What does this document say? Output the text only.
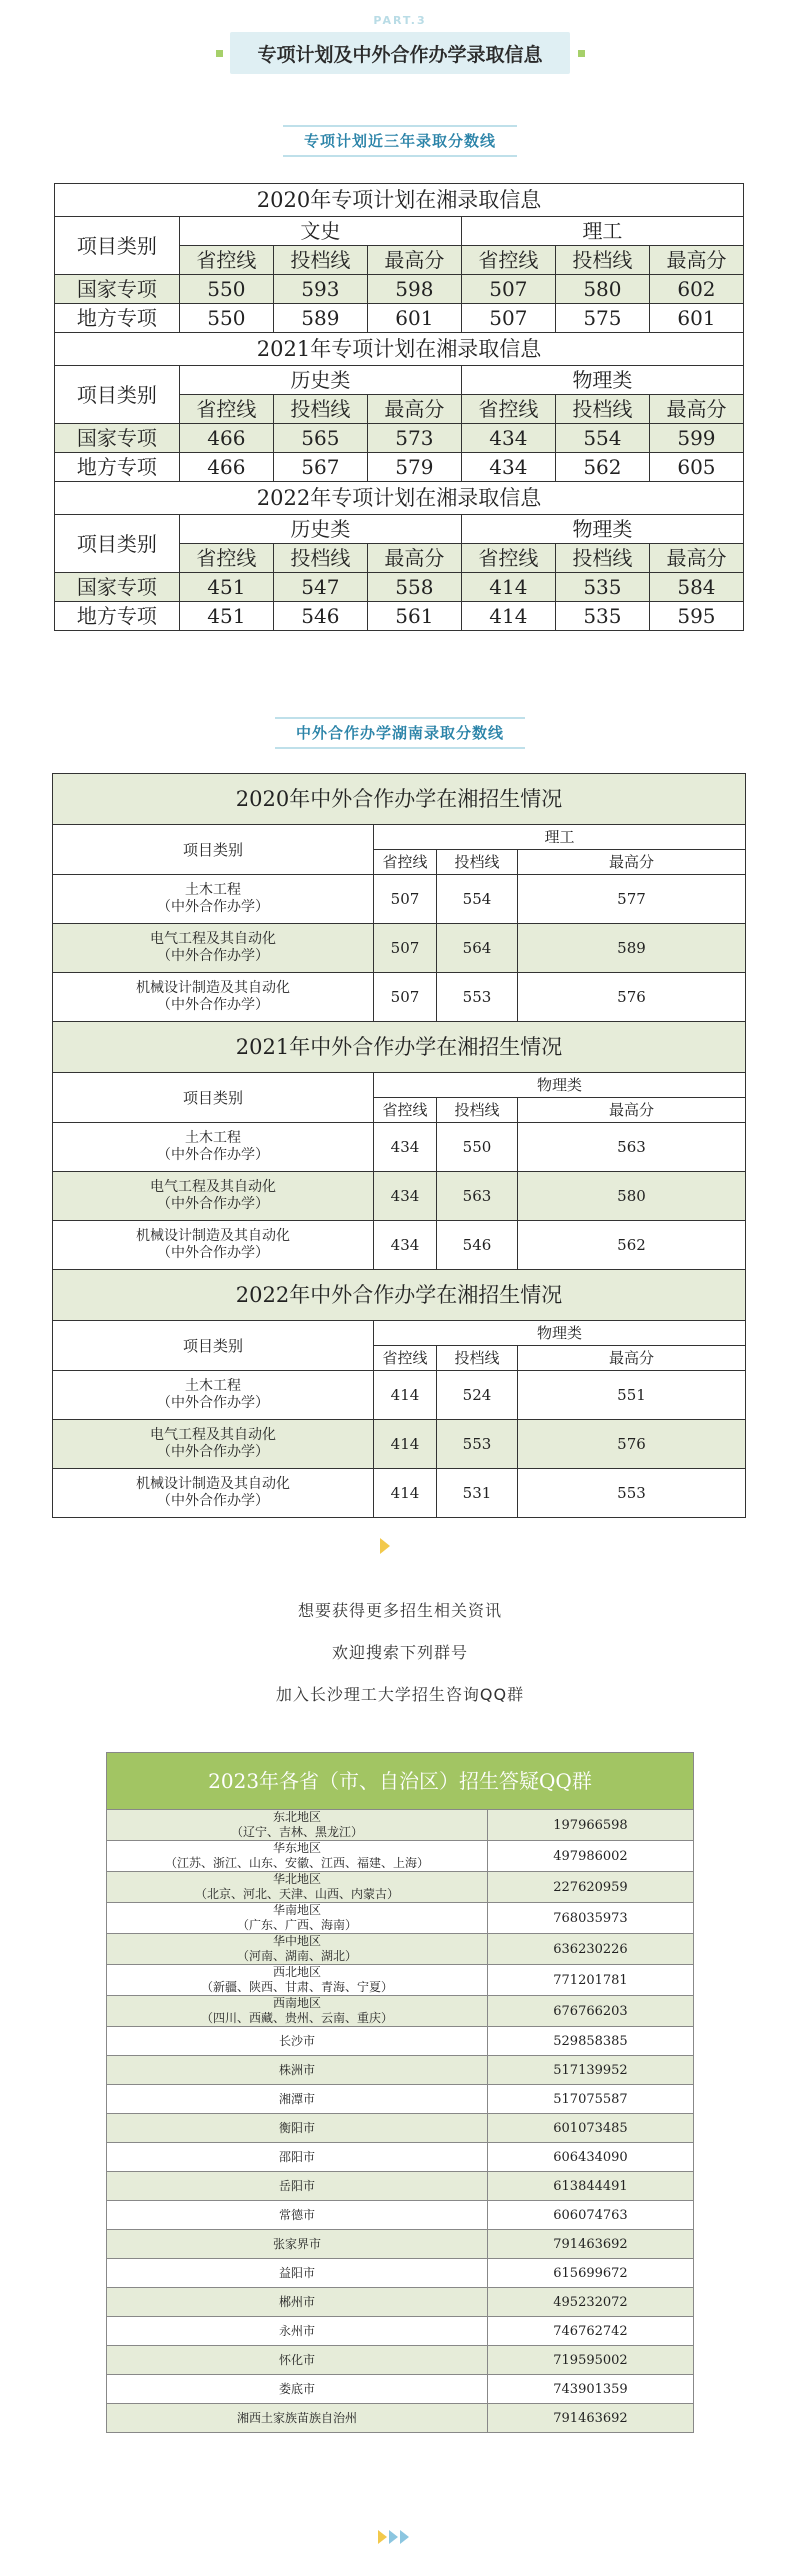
PART.3
专项计划及中外合作办学录取信息
专项计划近三年录取分数线
2020年专项计划在湘录取信息						
项目类别	文史			理工		
	省控线	投档线	最高分	省控线	投档线	最高分
国家专项	550	593	598	507	580	602
地方专项	550	589	601	507	575	601
2021年专项计划在湘录取信息						
项目类别	历史类			物理类		
	省控线	投档线	最高分	省控线	投档线	最高分
国家专项	466	565	573	434	554	599
地方专项	466	567	579	434	562	605
2022年专项计划在湘录取信息						
项目类别	历史类			物理类		
	省控线	投档线	最高分	省控线	投档线	最高分
国家专项	451	547	558	414	535	584
地方专项	451	546	561	414	535	595
中外合作办学湖南录取分数线
2020年中外合作办学在湘招生情况			
项目类别	理工		
	省控线	投档线	最高分

土木工程
（中外合作办学）	507	554	577

电气工程及其自动化
（中外合作办学）	507	564	589

机械设计制造及其自动化
（中外合作办学）	507	553	576
2021年中外合作办学在湘招生情况			
项目类别	物理类		
	省控线	投档线	最高分

土木工程
（中外合作办学）	434	550	563

电气工程及其自动化
（中外合作办学）	434	563	580

机械设计制造及其自动化
（中外合作办学）	434	546	562
2022年中外合作办学在湘招生情况			
项目类别	物理类		
	省控线	投档线	最高分

土木工程
（中外合作办学）	414	524	551

电气工程及其自动化
（中外合作办学）	414	553	576

机械设计制造及其自动化
（中外合作办学）	414	531	553
想要获得更多招生相关资讯
欢迎搜索下列群号
加入长沙理工大学招生咨询QQ群
2023年各省（市、自治区）招生答疑QQ群	

东北地区
（辽宁、吉林、黑龙江）	197966598

华东地区
（江苏、浙江、山东、安徽、江西、福建、上海）	497986002

华北地区
（北京、河北、天津、山西、内蒙古）	227620959

华南地区
（广东、广西、海南）	768035973

华中地区
（河南、湖南、湖北）	636230226

西北地区
（新疆、陕西、甘肃、青海、宁夏）	771201781

西南地区
（四川、西藏、贵州、云南、重庆）	676766203

长沙市	529858385

株洲市	517139952

湘潭市	517075587

衡阳市	601073485

邵阳市	606434090

岳阳市	613844491

常德市	606074763

张家界市	791463692

益阳市	615699672

郴州市	495232072

永州市	746762742

怀化市	719595002

娄底市	743901359

湘西土家族苗族自治州	791463692
